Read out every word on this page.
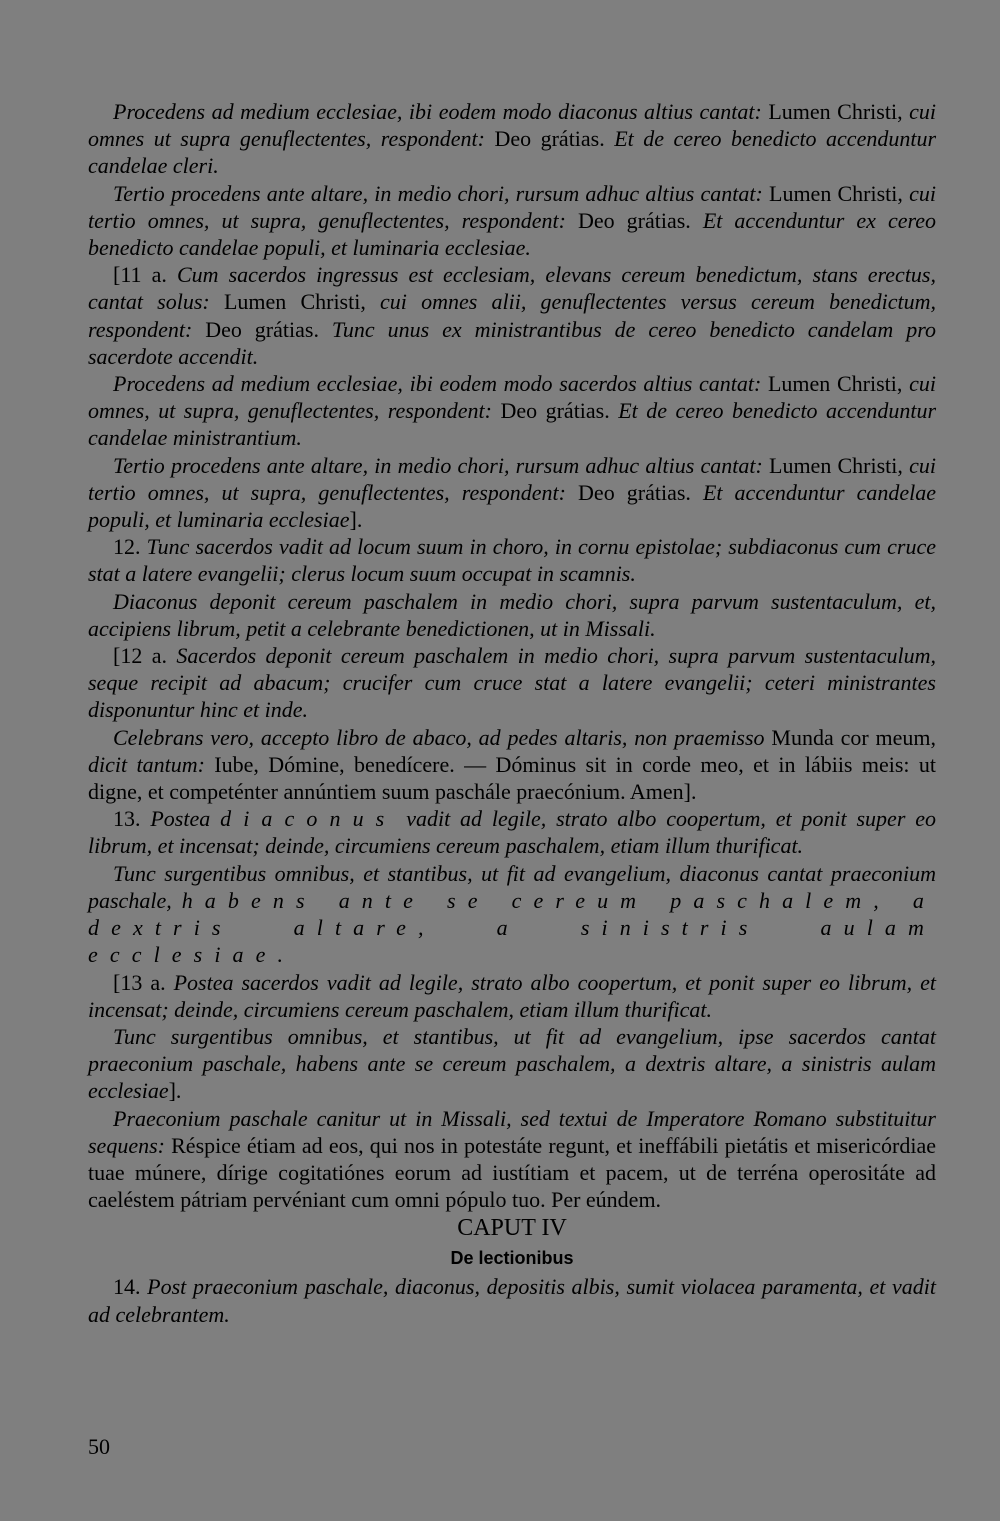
Procedens ad medium ecclesiae, ibi eodem modo diaconus altius cantat: Lumen Christi, cui omnes ut supra genuflectentes, respondent: Deo grátias. Et de cereo benedicto accenduntur candelae cleri.

Tertio procedens ante altare, in medio chori, rursum adhuc altius cantat: Lumen Christi, cui tertio omnes, ut supra, genuflectentes, respondent: Deo grátias. Et accenduntur ex cereo benedicto candelae populi, et luminaria ecclesiae.

[11 a. Cum sacerdos ingressus est ecclesiam, elevans cereum benedictum, stans erectus, cantat solus: Lumen Christi, cui omnes alii, genuflectentes versus cereum benedictum, respondent: Deo grátias. Tunc unus ex ministrantibus de cereo benedicto candelam pro sacerdote accendit.

Procedens ad medium ecclesiae, ibi eodem modo sacerdos altius cantat: Lumen Christi, cui omnes, ut supra, genuflectentes, respondent: Deo grátias. Et de cereo benedicto accenduntur candelae ministrantium.

Tertio procedens ante altare, in medio chori, rursum adhuc altius cantat: Lumen Christi, cui tertio omnes, ut supra, genuflectentes, respondent: Deo grátias. Et accenduntur candelae populi, et luminaria ecclesiae].

12. Tunc sacerdos vadit ad locum suum in choro, in cornu epistolae; subdiaconus cum cruce stat a latere evangelii; clerus locum suum occupat in scamnis.

Diaconus deponit cereum paschalem in medio chori, supra parvum sustentaculum, et, accipiens librum, petit a celebrante benedictionen, ut in Missali.

[12 a. Sacerdos deponit cereum paschalem in medio chori, supra parvum sustentaculum, seque recipit ad abacum; crucifer cum cruce stat a latere evangelii; ceteri ministrantes disponuntur hinc et inde.

Celebrans vero, accepto libro de abaco, ad pedes altaris, non praemisso Munda cor meum, dicit tantum: Iube, Dómine, benedícere. — Dóminus sit in corde meo, et in lábiis meis: ut digne, et competénter annúntiem suum paschále praecónium. Amen].

13. Postea diaconus vadit ad legile, strato albo coopertum, et ponit super eo librum, et incensat; deinde, circumiens cereum paschalem, etiam illum thurificat.

Tunc surgentibus omnibus, et stantibus, ut fit ad evangelium, diaconus cantat praeconium paschale, habens ante se cereum paschalem, a dextris altare, a sinistris aulam ecclesiae.

[13 a. Postea sacerdos vadit ad legile, strato albo coopertum, et ponit super eo librum, et incensat; deinde, circumiens cereum paschalem, etiam illum thurificat.

Tunc surgentibus omnibus, et stantibus, ut fit ad evangelium, ipse sacerdos cantat praeconium paschale, habens ante se cereum paschalem, a dextris altare, a sinistris aulam ecclesiae].

Praeconium paschale canitur ut in Missali, sed textui de Imperatore Romano substituitur sequens: Réspice étiam ad eos, qui nos in potestáte regunt, et ineffábili pietátis et misericórdiae tuae múnere, dírige cogitatiónes eorum ad iustítiam et pacem, ut de terréna operositáte ad caeléstem pátriam pervéniant cum omni pópulo tuo. Per eúndem.

CAPUT IV

De lectionibus

14. Post praeconium paschale, diaconus, depositis albis, sumit violacea paramenta, et vadit ad celebrantem.

50
